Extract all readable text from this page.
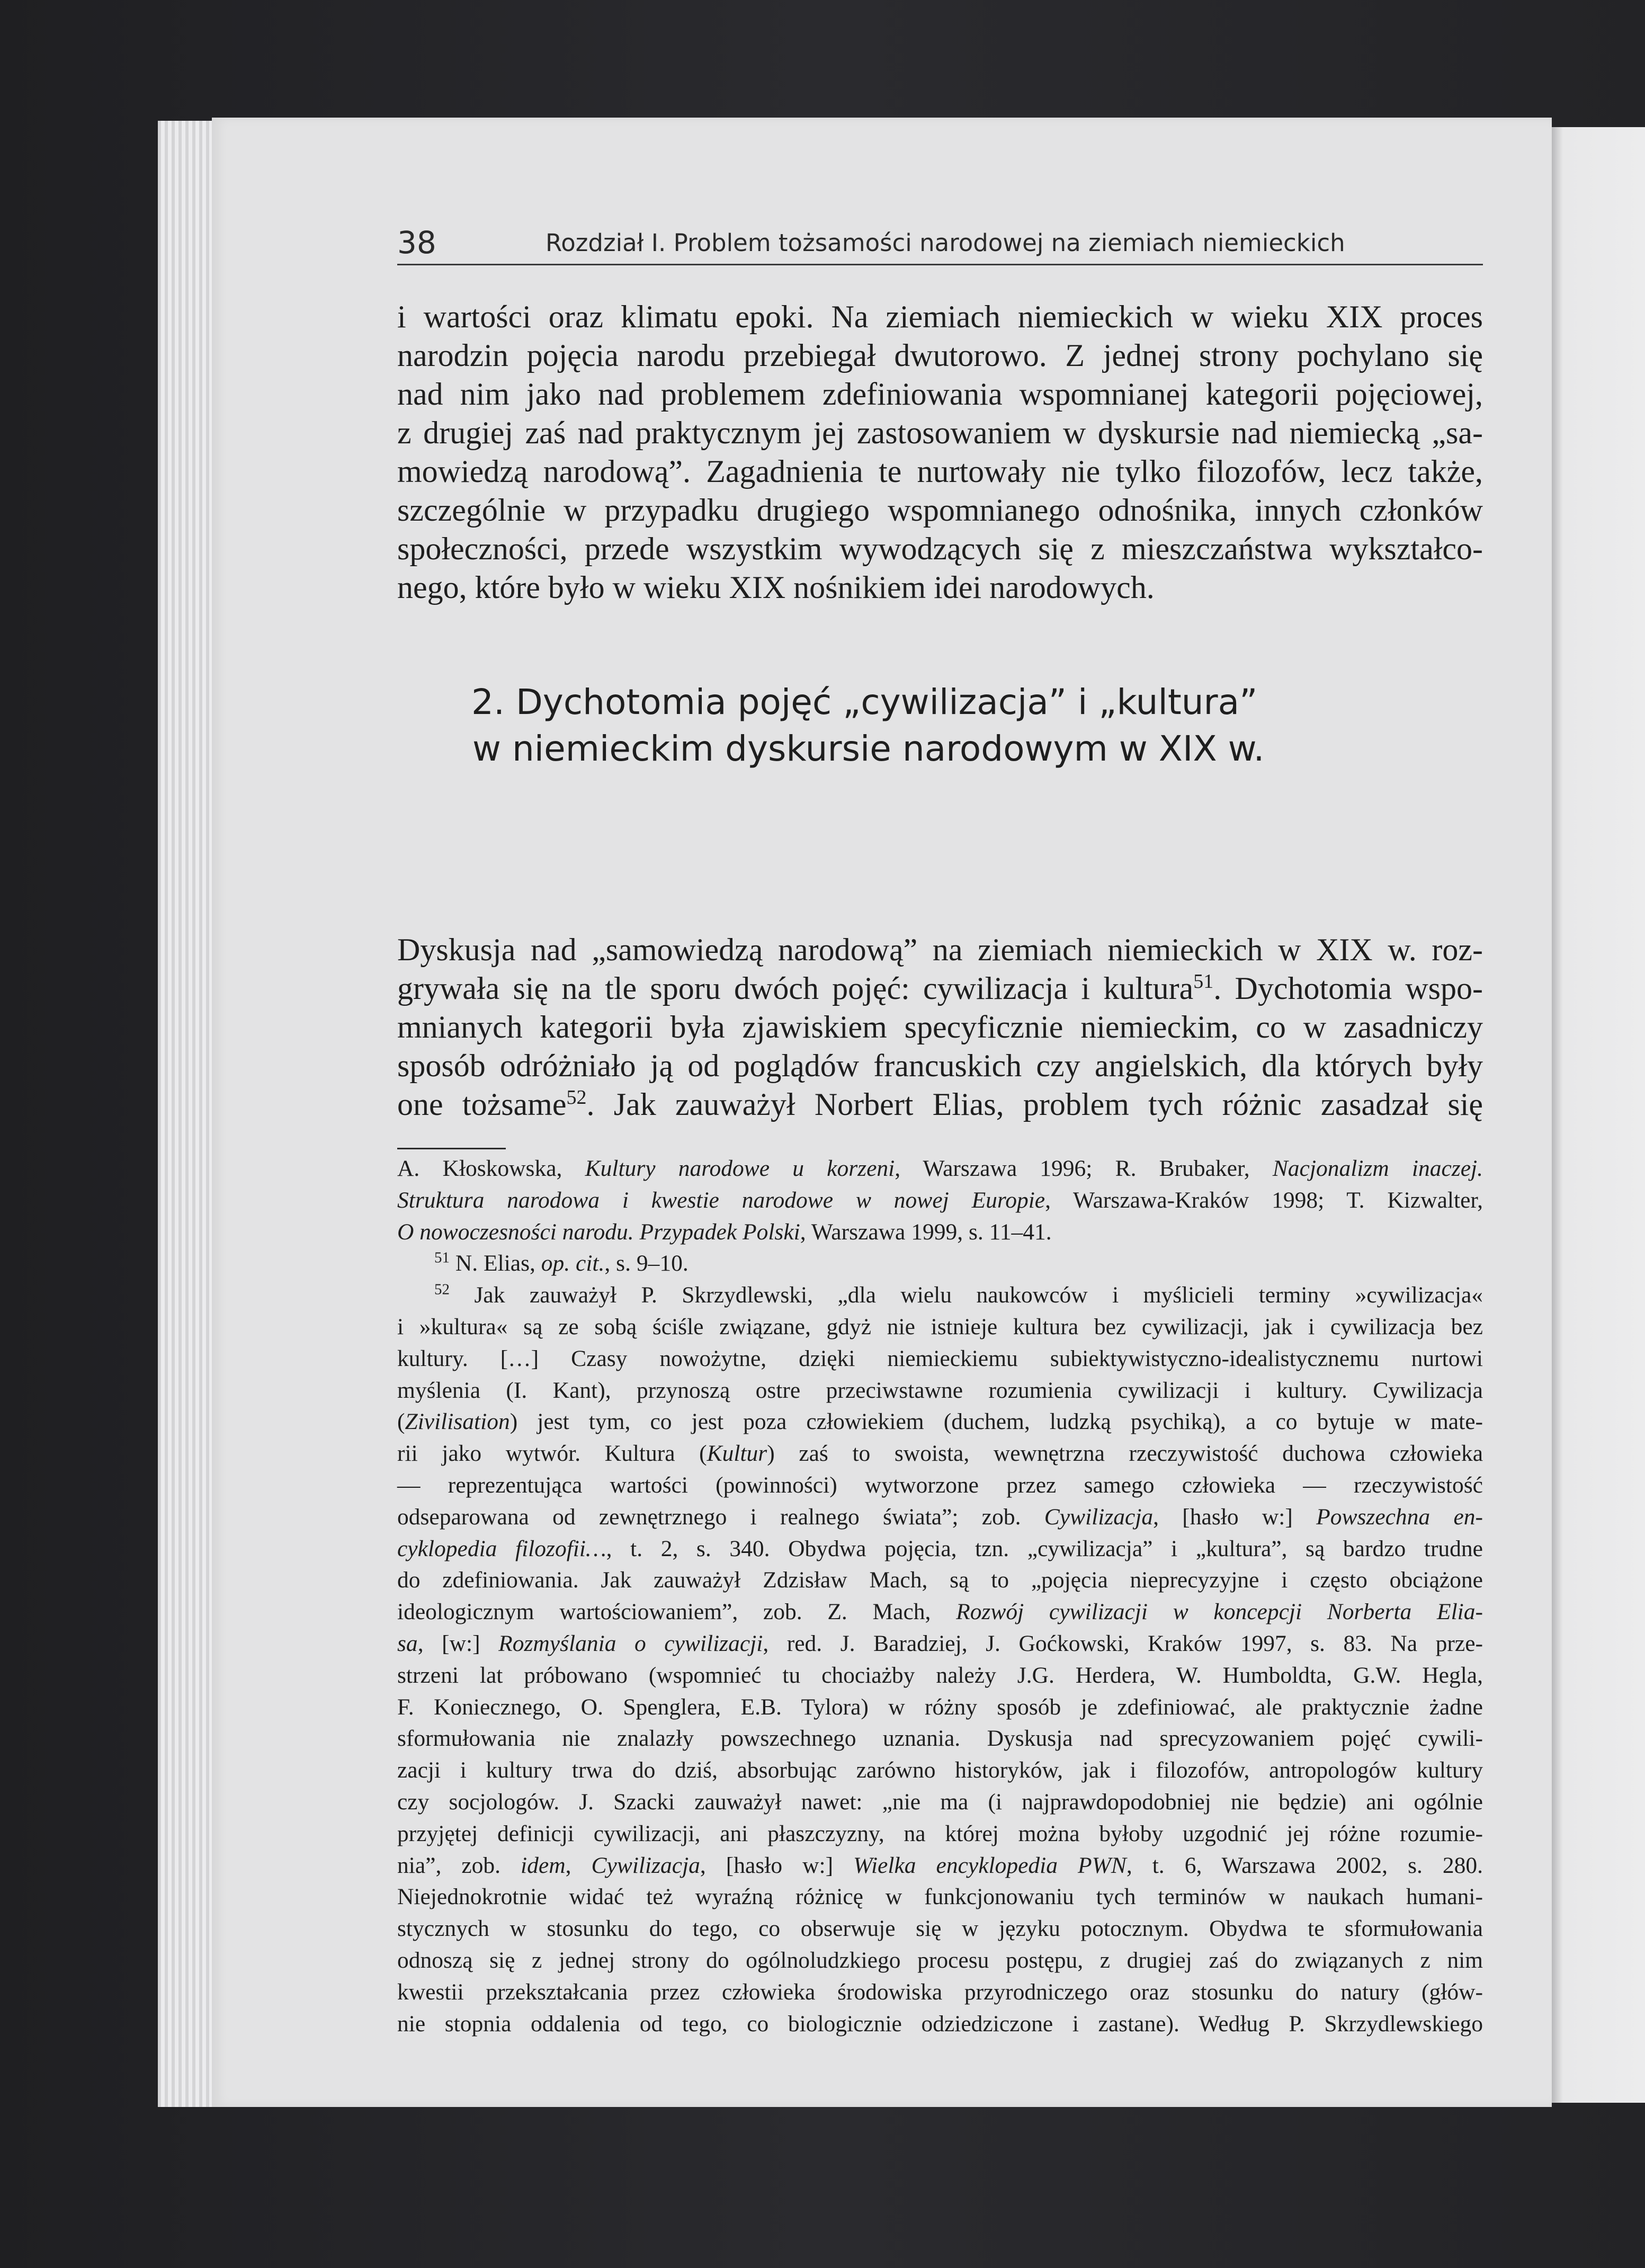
38	Rozdział I. Problem tożsamości narodowej na ziemiach niemieckich
i wartości oraz klimatu epoki. Na ziemiach niemieckich w wieku XIX proces
narodzin pojęcia narodu przebiegał dwutorowo. Z jednej strony pochylano się
nad nim jako nad problemem zdefiniowania wspomnianej kategorii pojęciowej,
z drugiej zaś nad praktycznym jej zastosowaniem w dyskursie nad niemiecką „sa-
mowiedzą narodową”. Zagadnienia te nurtowały nie tylko filozofów, lecz także,
szczególnie w przypadku drugiego wspomnianego odnośnika, innych członków
społeczności, przede wszystkim wywodzących się z mieszczaństwa wykształco-
nego, które było w wieku XIX nośnikiem idei narodowych.
2. Dychotomia pojęć „cywilizacja” i „kultura”
w niemieckim dyskursie narodowym w XIX w.
Dyskusja nad „samowiedzą narodową” na ziemiach niemieckich w XIX w. roz-
grywała się na tle sporu dwóch pojęć: cywilizacja i kultura$^{51}$. Dychotomia wspo-
mnianych kategorii była zjawiskiem specyficznie niemieckim, co w zasadniczy
sposób odróżniało ją od poglądów francuskich czy angielskich, dla których były
one tożsame$^{52}$. Jak zauważył Norbert Elias, problem tych różnic zasadzał się
A. Kłoskowska, Kultury narodowe u korzeni, Warszawa 1996; R. Brubaker, Nacjonalizm inaczej.
Struktura narodowa i kwestie narodowe w nowej Europie, Warszawa-Kraków 1998; T. Kizwalter,
O nowoczesności narodu. Przypadek Polski, Warszawa 1999, s. 11–41.
$^{51}$ N. Elias, op. cit., s. 9–10.
$^{52}$ Jak zauważył P. Skrzydlewski, „dla wielu naukowców i myślicieli terminy »cywilizacja«
i »kultura« są ze sobą ściśle związane, gdyż nie istnieje kultura bez cywilizacji, jak i cywilizacja bez
kultury. […] Czasy nowożytne, dzięki niemieckiemu subiektywistyczno-idealistycznemu nurtowi
myślenia (I. Kant), przynoszą ostre przeciwstawne rozumienia cywilizacji i kultury. Cywilizacja
(Zivilisation) jest tym, co jest poza człowiekiem (duchem, ludzką psychiką), a co bytuje w mate-
rii jako wytwór. Kultura (Kultur) zaś to swoista, wewnętrzna rzeczywistość duchowa człowieka
— reprezentująca wartości (powinności) wytworzone przez samego człowieka — rzeczywistość
odseparowana od zewnętrznego i realnego świata”; zob. Cywilizacja, [hasło w:] Powszechna en-
cyklopedia filozofii…, t. 2, s. 340. Obydwa pojęcia, tzn. „cywilizacja” i „kultura”, są bardzo trudne
do zdefiniowania. Jak zauważył Zdzisław Mach, są to „pojęcia nieprecyzyjne i często obciążone
ideologicznym wartościowaniem”, zob. Z. Mach, Rozwój cywilizacji w koncepcji Norberta Elia-
sa, [w:] Rozmyślania o cywilizacji, red. J. Baradziej, J. Goćkowski, Kraków 1997, s. 83. Na prze-
strzeni lat próbowano (wspomnieć tu chociażby należy J.G. Herdera, W. Humboldta, G.W. Hegla,
F. Koniecznego, O. Spenglera, E.B. Tylora) w różny sposób je zdefiniować, ale praktycznie żadne
sformułowania nie znalazły powszechnego uznania. Dyskusja nad sprecyzowaniem pojęć cywili-
zacji i kultury trwa do dziś, absorbując zarówno historyków, jak i filozofów, antropologów kultury
czy socjologów. J. Szacki zauważył nawet: „nie ma (i najprawdopodobniej nie będzie) ani ogólnie
przyjętej definicji cywilizacji, ani płaszczyzny, na której można byłoby uzgodnić jej różne rozumie-
nia”, zob. idem, Cywilizacja, [hasło w:] Wielka encyklopedia PWN, t. 6, Warszawa 2002, s. 280.
Niejednokrotnie widać też wyraźną różnicę w funkcjonowaniu tych terminów w naukach humani-
stycznych w stosunku do tego, co obserwuje się w języku potocznym. Obydwa te sformułowania
odnoszą się z jednej strony do ogólnoludzkiego procesu postępu, z drugiej zaś do związanych z nim
kwestii przekształcania przez człowieka środowiska przyrodniczego oraz stosunku do natury (głów-
nie stopnia oddalenia od tego, co biologicznie odziedziczone i zastane). Według P. Skrzydlewskiego
